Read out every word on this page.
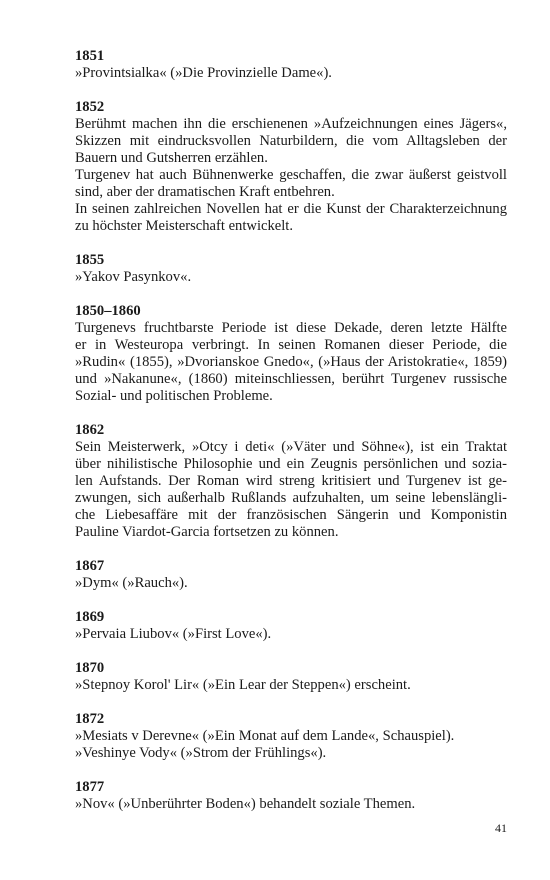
1851
»Provintsialka« (»Die Provinzielle Dame«).
1852
Berühmt machen ihn die erschienenen »Aufzeichnungen eines Jägers«,
Skizzen mit eindrucksvollen Naturbildern, die vom Alltagsleben der
Bauern und Gutsherren erzählen.
Turgenev hat auch Bühnenwerke geschaffen, die zwar äußerst geistvoll
sind, aber der dramatischen Kraft entbehren.
In seinen zahlreichen Novellen hat er die Kunst der Charakterzeichnung
zu höchster Meisterschaft entwickelt.
1855
»Yakov Pasynkov«.
1850–1860
Turgenevs fruchtbarste Periode ist diese Dekade, deren letzte Hälfte
er in Westeuropa verbringt. In seinen Romanen dieser Periode, die
»Rudin« (1855), »Dvorianskoe Gnedo«, (»Haus der Aristokratie«, 1859)
und »Nakanune«, (1860) miteinschliessen, berührt Turgenev russische
Sozial- und politischen Probleme.
1862
Sein Meisterwerk, »Otcy i deti« (»Väter und Söhne«), ist ein Traktat
über nihilistische Philosophie und ein Zeugnis persönlichen und sozia-
len Aufstands. Der Roman wird streng kritisiert und Turgenev ist ge-
zwungen, sich außerhalb Rußlands aufzuhalten, um seine lebenslängli-
che Liebesaffäre mit der französischen Sängerin und Komponistin
Pauline Viardot-Garcia fortsetzen zu können.
1867
»Dym« (»Rauch«).
1869
»Pervaia Liubov« (»First Love«).
1870
»Stepnoy Korol' Lir« (»Ein Lear der Steppen«) erscheint.
1872
»Mesiats v Derevne« (»Ein Monat auf dem Lande«, Schauspiel).
»Veshinye Vody« (»Strom der Frühlings«).
1877
»Nov« (»Unberührter Boden«) behandelt soziale Themen.
41
